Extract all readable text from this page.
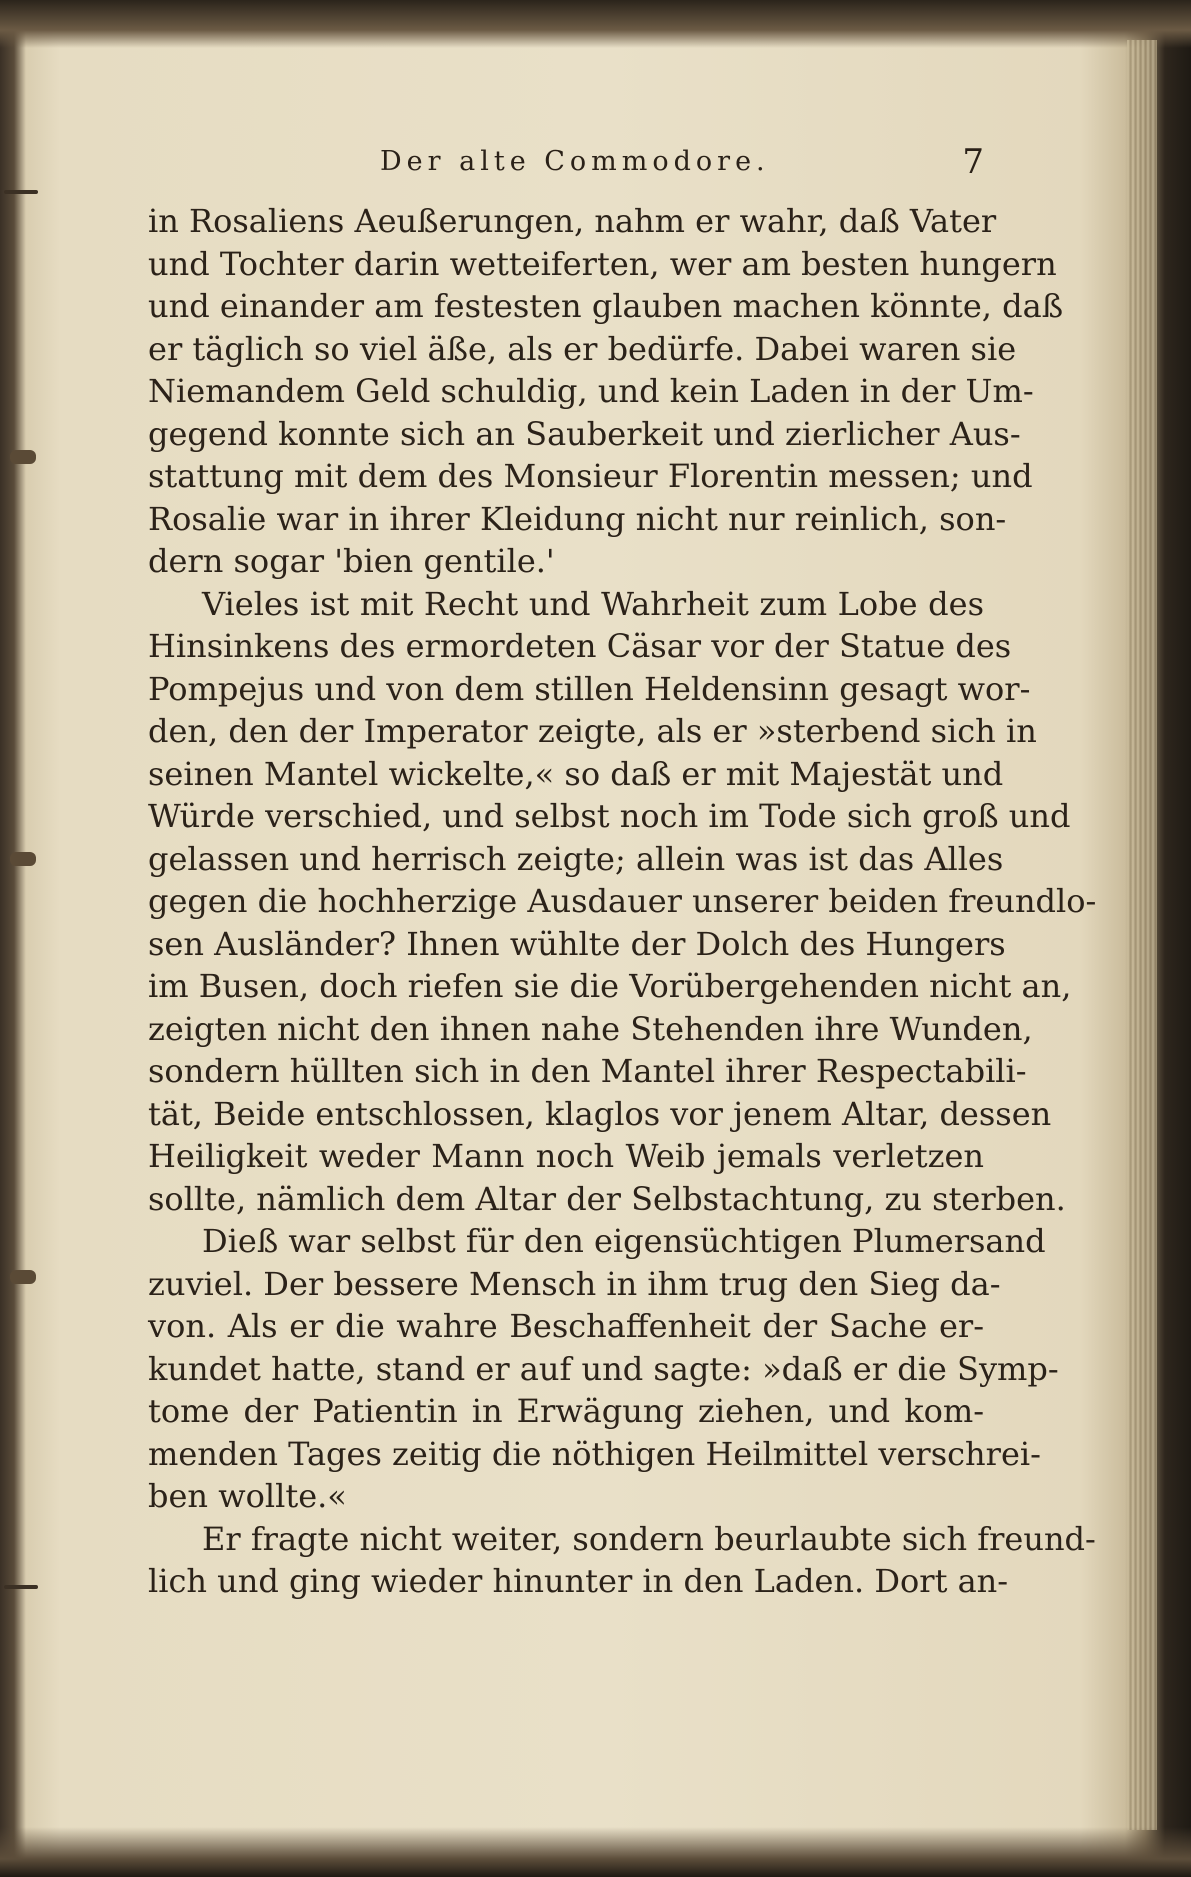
Der alte Commodore.	7
in Rosaliens Aeußerungen, nahm er wahr, daß Vater
und Tochter darin wetteiferten, wer am besten hungern
und einander am festesten glauben machen könnte, daß
er täglich so viel äße, als er bedürfe. Dabei waren sie
Niemandem Geld schuldig, und kein Laden in der Um-
gegend konnte sich an Sauberkeit und zierlicher Aus-
stattung mit dem des Monsieur Florentin messen; und
Rosalie war in ihrer Kleidung nicht nur reinlich, son-
dern sogar 'bien gentile.'
Vieles ist mit Recht und Wahrheit zum Lobe des
Hinsinkens des ermordeten Cäsar vor der Statue des
Pompejus und von dem stillen Heldensinn gesagt wor-
den, den der Imperator zeigte, als er »sterbend sich in
seinen Mantel wickelte,« so daß er mit Majestät und
Würde verschied, und selbst noch im Tode sich groß und
gelassen und herrisch zeigte; allein was ist das Alles
gegen die hochherzige Ausdauer unserer beiden freundlo-
sen Ausländer? Ihnen wühlte der Dolch des Hungers
im Busen, doch riefen sie die Vorübergehenden nicht an,
zeigten nicht den ihnen nahe Stehenden ihre Wunden,
sondern hüllten sich in den Mantel ihrer Respectabili-
tät, Beide entschlossen, klaglos vor jenem Altar, dessen
Heiligkeit weder Mann noch Weib jemals verletzen
sollte, nämlich dem Altar der Selbstachtung, zu sterben.
Dieß war selbst für den eigensüchtigen Plumersand
zuviel. Der bessere Mensch in ihm trug den Sieg da-
von. Als er die wahre Beschaffenheit der Sache er-
kundet hatte, stand er auf und sagte: »daß er die Symp-
tome der Patientin in Erwägung ziehen, und kom-
menden Tages zeitig die nöthigen Heilmittel verschrei-
ben wollte.«
Er fragte nicht weiter, sondern beurlaubte sich freund-
lich und ging wieder hinunter in den Laden. Dort an-
